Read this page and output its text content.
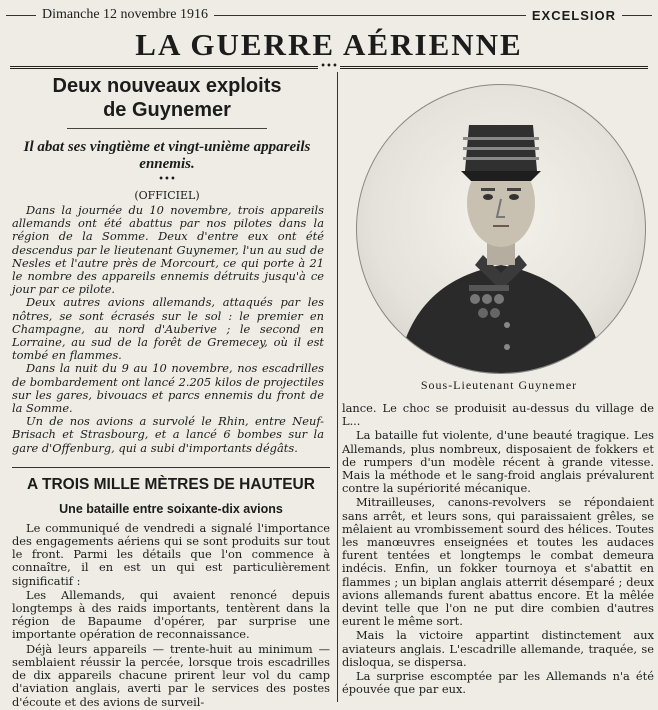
Dimanche 12 novembre 1916	EXCELSIOR
LA GUERRE AÉRIENNE
•••
Deux nouveaux exploits
de Guynemer
Il abat ses vingtième et vingt-unième appareils ennemis.
•••
(OFFICIEL)

Dans la journée du 10 novembre, trois appareils allemands ont été abattus par nos pilotes dans la région de la Somme. Deux d'entre eux ont été descendus par le lieutenant Guynemer, l'un au sud de Nesles et l'autre près de Morcourt, ce qui porte à 21 le nombre des appareils ennemis détruits jusqu'à ce jour par ce pilote.

Deux autres avions allemands, attaqués par les nôtres, se sont écrasés sur le sol : le premier en Champagne, au nord d'Auberive ; le second en Lorraine, au sud de la forêt de Gremecey, où il est tombé en flammes.

Dans la nuit du 9 au 10 novembre, nos escadrilles de bombardement ont lancé 2.205 kilos de projectiles sur les gares, bivouacs et parcs ennemis du front de la Somme.

Un de nos avions a survolé le Rhin, entre Neuf-Brisach et Strasbourg, et a lancé 6 bombes sur la gare d'Offenburg, qui a subi d'importants dégâts.

A TROIS MILLE MÈTRES DE HAUTEUR
Une bataille entre soixante-dix avions

Le communiqué de vendredi a signalé l'importance des engagements aériens qui se sont produits sur tout le front. Parmi les détails que l'on commence à connaître, il en est un qui est particulièrement significatif :

Les Allemands, qui avaient renoncé depuis longtemps à des raids importants, tentèrent dans la région de Bapaume d'opérer, par surprise une importante opération de reconnaissance.

Déjà leurs appareils — trente-huit au minimum — semblaient réussir la percée, lorsque trois escadrilles de dix appareils chacune prirent leur vol du camp d'aviation anglais, averti par le services des postes d'écoute et des avions de surveil-

Sous-Lieutenant Guynemer

lance. Le choc se produisit au-dessus du village de L...

La bataille fut violente, d'une beauté tragique. Les Allemands, plus nombreux, disposaient de fokkers et de rumpers d'un modèle récent à grande vitesse. Mais la méthode et le sang-froid anglais prévalurent contre la supériorité mécanique.

Mitrailleuses, canons-revolvers se répondaient sans arrêt, et leurs sons, qui paraissaient grêles, se mêlaient au vrombissement sourd des hélices. Toutes les manœuvres enseignées et toutes les audaces furent tentées et longtemps le combat demeura indécis. Enfin, un fokker tournoya et s'abattit en flammes ; un biplan anglais atterrit désemparé ; deux avions allemands furent abattus encore. Et la mêlée devint telle que l'on ne put dire combien d'autres eurent le même sort.

Mais la victoire appartint distinctement aux aviateurs anglais. L'escadrille allemande, traquée, se disloqua, se dispersa.

La surprise escomptée par les Allemands n'a été épouvée que par eux.
